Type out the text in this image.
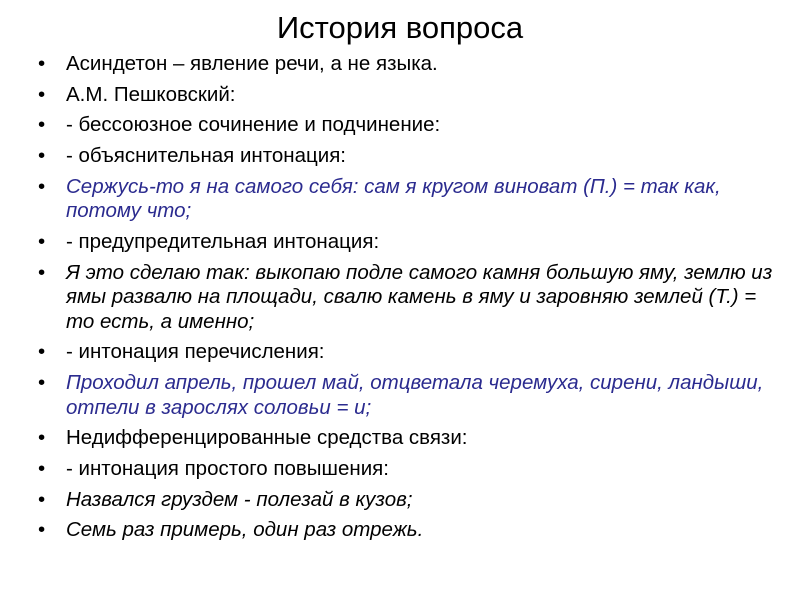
История вопроса
• Асиндетон – явление речи, а не языка.
• А.М. Пешковский:
• - бессоюзное сочинение и подчинение:
• - объяснительная интонация:
• Сержусь-то я на самого себя: сам я кругом виноват (П.) = так как, потому что;
• - предупредительная интонация:
• Я это сделаю так: выкопаю подле самого камня большую яму, землю из ямы развалю на площади, свалю камень в яму и заровняю землей (Т.) = то есть, а именно;
• - интонация перечисления:
• Проходил апрель, прошел май, отцветала черемуха, сирени, ландыши, отпели в зарослях соловьи = и;
• Недифференцированные средства связи:
• - интонация простого повышения:
• Назвался груздем - полезай в кузов;
• Семь раз примерь, один раз отрежь.
